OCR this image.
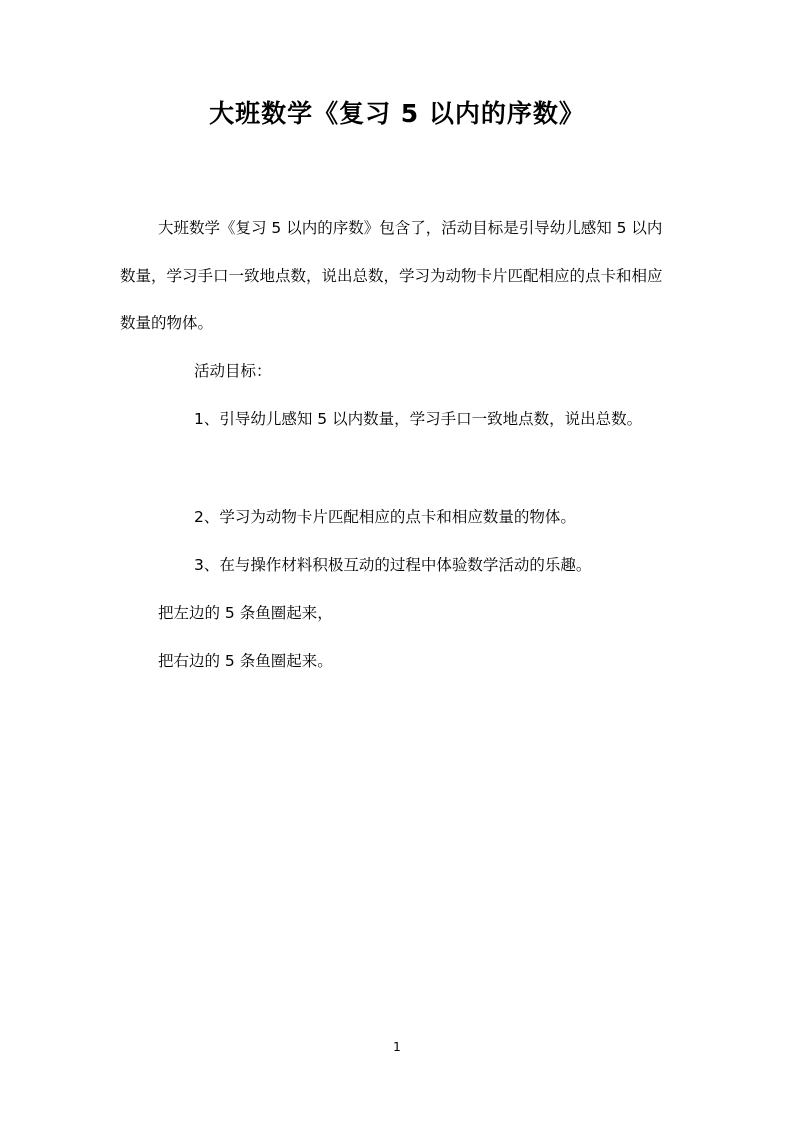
大班数学《复习 5 以内的序数》

大班数学《复习 5 以内的序数》包含了，活动目标是引导幼儿感知 5 以内数量，学习手口一致地点数，说出总数，学习为动物卡片匹配相应的点卡和相应数量的物体。

活动目标：

1、引导幼儿感知 5 以内数量，学习手口一致地点数，说出总数。

2、学习为动物卡片匹配相应的点卡和相应数量的物体。
3、在与操作材料积极互动的过程中体验数学活动的乐趣。
把左边的 5 条鱼圈起来，
把右边的 5 条鱼圈起来。
1
